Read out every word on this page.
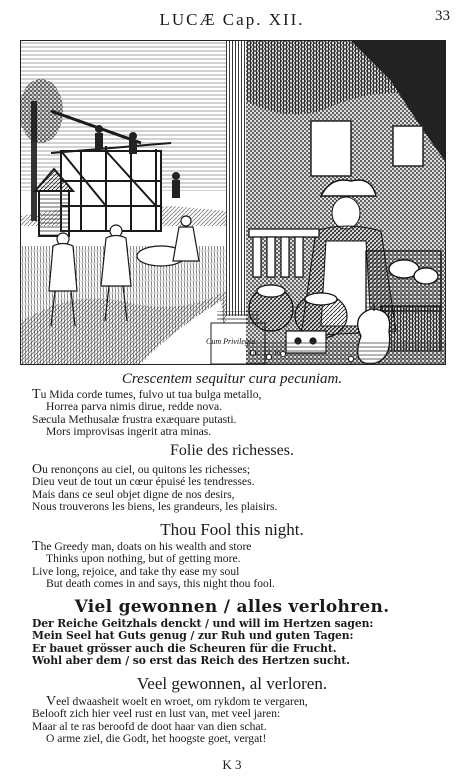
LUCÆ Cap. XII.	33
Cum Privilegio
Luc. 12. 16.
Crescentem sequitur cura pecuniam.
Tu Mida corde tumes, fulvo ut tua bulga metallo,
Horrea parva nimis dirue, redde nova.
Sæcula Methusalæ frustra exæquare putasti.
Mors improvisas ingerit atra minas.
Folie des richesses.
Ou renonçons au ciel, ou quitons les richesses;
Dieu veut de tout un cœur épuisé les tendresses.
Mais dans ce seul objet digne de nos desirs,
Nous trouverons les biens, les grandeurs, les plaisirs.
Thou Fool this night.
The Greedy man, doats on his wealth and store
Thinks upon nothing, but of getting more.
Live long, rejoice, and take thy ease my soul
But death comes in and says, this night thou fool.
Viel gewonnen / alles verlohren.
Der Reiche Geitzhals denckt / und will im Hertzen sagen:
Mein Seel hat Guts genug / zur Ruh und guten Tagen:
Er bauet grösser auch die Scheuren für die Frucht.
Wohl aber dem / so erst das Reich des Hertzen sucht.
Veel gewonnen, al verloren.
Veel dwaasheit woelt en wroet, om rykdom te vergaren,
Belooft zich hier veel rust en lust van, met veel jaren:
Maar al te ras beroofd de doot haar van dien schat.
O arme ziel, die Godt, het hoogste goet, vergat!
K 3
